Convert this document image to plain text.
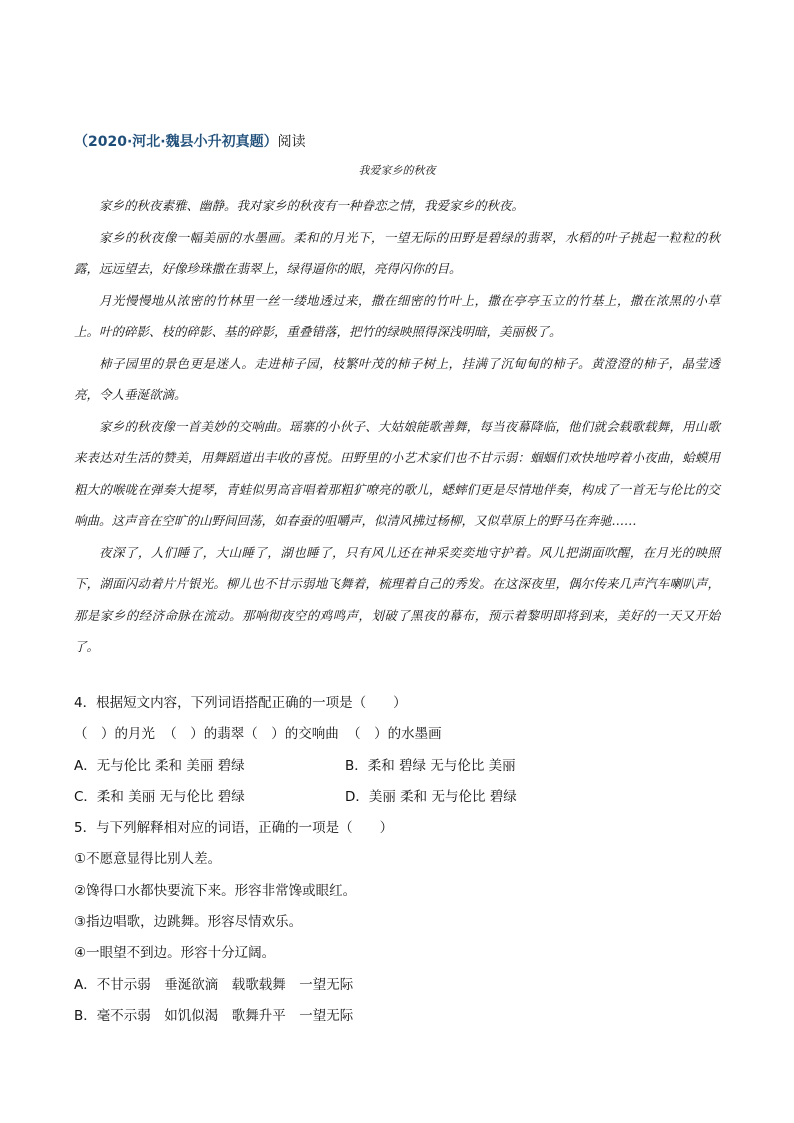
（2020·河北·魏县小升初真题）阅读
我爱家乡的秋夜

家乡的秋夜素雅、幽静。我对家乡的秋夜有一种眷恋之情，我爱家乡的秋夜。

家乡的秋夜像一幅美丽的水墨画。柔和的月光下，一望无际的田野是碧绿的翡翠，水稻的叶子挑起一粒粒的秋露，远远望去，好像珍珠撒在翡翠上，绿得逼你的眼，亮得闪你的目。

月光慢慢地从浓密的竹林里一丝一缕地透过来，撒在细密的竹叶上，撒在亭亭玉立的竹基上，撒在浓黑的小草上。叶的碎影、枝的碎影、基的碎影，重叠错落，把竹的绿映照得深浅明暗，美丽极了。

柿子园里的景色更是迷人。走进柿子园，枝繁叶茂的柿子树上，挂满了沉甸甸的柿子。黄澄澄的柿子，晶莹透亮，令人垂涎欲滴。

家乡的秋夜像一首美妙的交响曲。瑶寨的小伙子、大姑娘能歌善舞，每当夜幕降临，他们就会载歌载舞，用山歌来表达对生活的赞美，用舞蹈道出丰收的喜悦。田野里的小艺术家们也不甘示弱：蝈蝈们欢快地哼着小夜曲，蛤蟆用粗大的喉咙在弹奏大提琴，青蛙似男高音唱着那粗犷嘹亮的歌儿，蟋蟀们更是尽情地伴奏，构成了一首无与伦比的交响曲。这声音在空旷的山野间回荡，如春蚕的咀嚼声，似清风拂过杨柳，又似草原上的野马在奔驰……

夜深了，人们睡了，大山睡了，湖也睡了，只有风儿还在神采奕奕地守护着。风儿把湖面吹醒，在月光的映照下，湖面闪动着片片银光。柳儿也不甘示弱地飞舞着，梳理着自己的秀发。在这深夜里，偶尔传来几声汽车喇叭声，那是家乡的经济命脉在流动。那响彻夜空的鸡鸣声，划破了黑夜的幕布，预示着黎明即将到来，美好的一天又开始了。

4．根据短文内容，下列词语搭配正确的一项是（　　）
（　）的月光 （　）的翡翠（　）的交响曲 （　）的水墨画
A．无与伦比 柔和 美丽 碧绿	B．柔和 碧绿 无与伦比 美丽
C．柔和 美丽 无与伦比 碧绿	D．美丽 柔和 无与伦比 碧绿
5．与下列解释相对应的词语，正确的一项是（　　）
①不愿意显得比别人差。
②馋得口水都快要流下来。形容非常馋或眼红。
③指边唱歌，边跳舞。形容尽情欢乐。
④一眼望不到边。形容十分辽阔。
A．不甘示弱　垂涎欲滴　载歌载舞　一望无际
B．毫不示弱　如饥似渴　歌舞升平　一望无际
